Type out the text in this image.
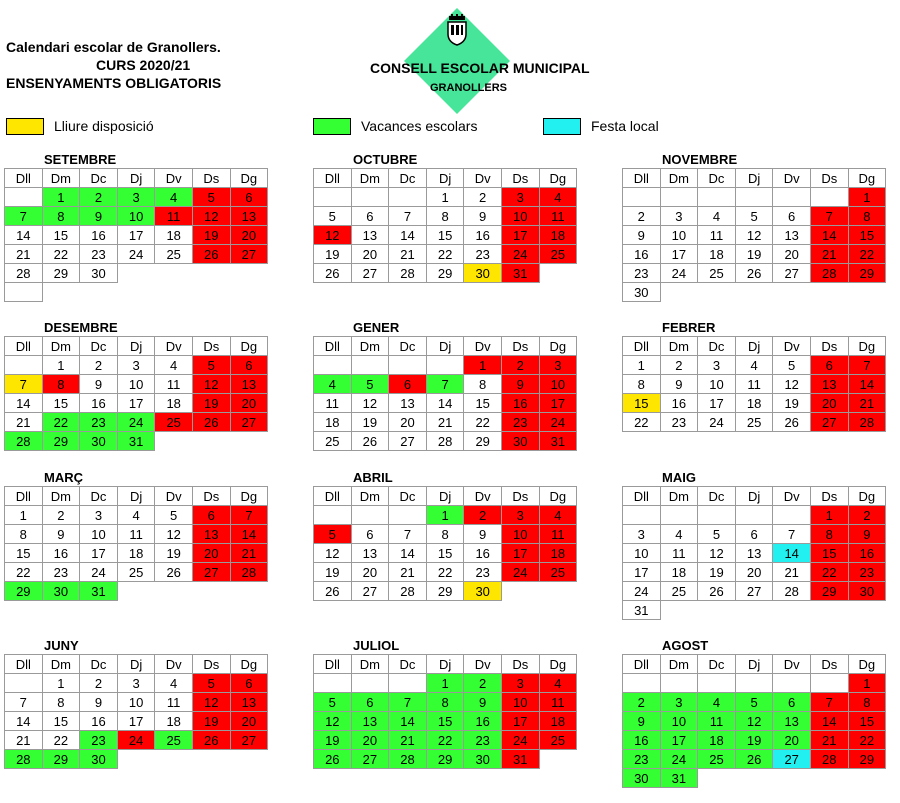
Calendari escolar de Granollers.
CURS 2020/21
ENSENYAMENTS OBLIGATORIS
CONSELL ESCOLAR MUNICIPAL
GRANOLLERS
Lliure disposició	Vacances escolars	Festa local
SETEMBRE
Dll	Dm	Dc	Dj	Dv	Ds	Dg
	1	2	3	4	5	6
7	8	9	10	11	12	13
14	15	16	17	18	19	20
21	22	23	24	25	26	27
28	29	30				

OCTUBRE
Dll	Dm	Dc	Dj	Dv	Ds	Dg
			1	2	3	4
5	6	7	8	9	10	11
12	13	14	15	16	17	18
19	20	21	22	23	24	25
26	27	28	29	30	31	
NOVEMBRE
Dll	Dm	Dc	Dj	Dv	Ds	Dg
						1
2	3	4	5	6	7	8
9	10	11	12	13	14	15
16	17	18	19	20	21	22
23	24	25	26	27	28	29
30						
DESEMBRE
Dll	Dm	Dc	Dj	Dv	Ds	Dg
	1	2	3	4	5	6
7	8	9	10	11	12	13
14	15	16	17	18	19	20
21	22	23	24	25	26	27
28	29	30	31			
GENER
Dll	Dm	Dc	Dj	Dv	Ds	Dg
				1	2	3
4	5	6	7	8	9	10
11	12	13	14	15	16	17
18	19	20	21	22	23	24
25	26	27	28	29	30	31
FEBRER
Dll	Dm	Dc	Dj	Dv	Ds	Dg
1	2	3	4	5	6	7
8	9	10	11	12	13	14
15	16	17	18	19	20	21
22	23	24	25	26	27	28
MARÇ
Dll	Dm	Dc	Dj	Dv	Ds	Dg
1	2	3	4	5	6	7
8	9	10	11	12	13	14
15	16	17	18	19	20	21
22	23	24	25	26	27	28
29	30	31				
ABRIL
Dll	Dm	Dc	Dj	Dv	Ds	Dg
			1	2	3	4
5	6	7	8	9	10	11
12	13	14	15	16	17	18
19	20	21	22	23	24	25
26	27	28	29	30		
MAIG
Dll	Dm	Dc	Dj	Dv	Ds	Dg
					1	2
3	4	5	6	7	8	9
10	11	12	13	14	15	16
17	18	19	20	21	22	23
24	25	26	27	28	29	30
31						
JUNY
Dll	Dm	Dc	Dj	Dv	Ds	Dg
	1	2	3	4	5	6
7	8	9	10	11	12	13
14	15	16	17	18	19	20
21	22	23	24	25	26	27
28	29	30				
JULIOL
Dll	Dm	Dc	Dj	Dv	Ds	Dg
			1	2	3	4
5	6	7	8	9	10	11
12	13	14	15	16	17	18
19	20	21	22	23	24	25
26	27	28	29	30	31	
AGOST
Dll	Dm	Dc	Dj	Dv	Ds	Dg
						1
2	3	4	5	6	7	8
9	10	11	12	13	14	15
16	17	18	19	20	21	22
23	24	25	26	27	28	29
30	31					
